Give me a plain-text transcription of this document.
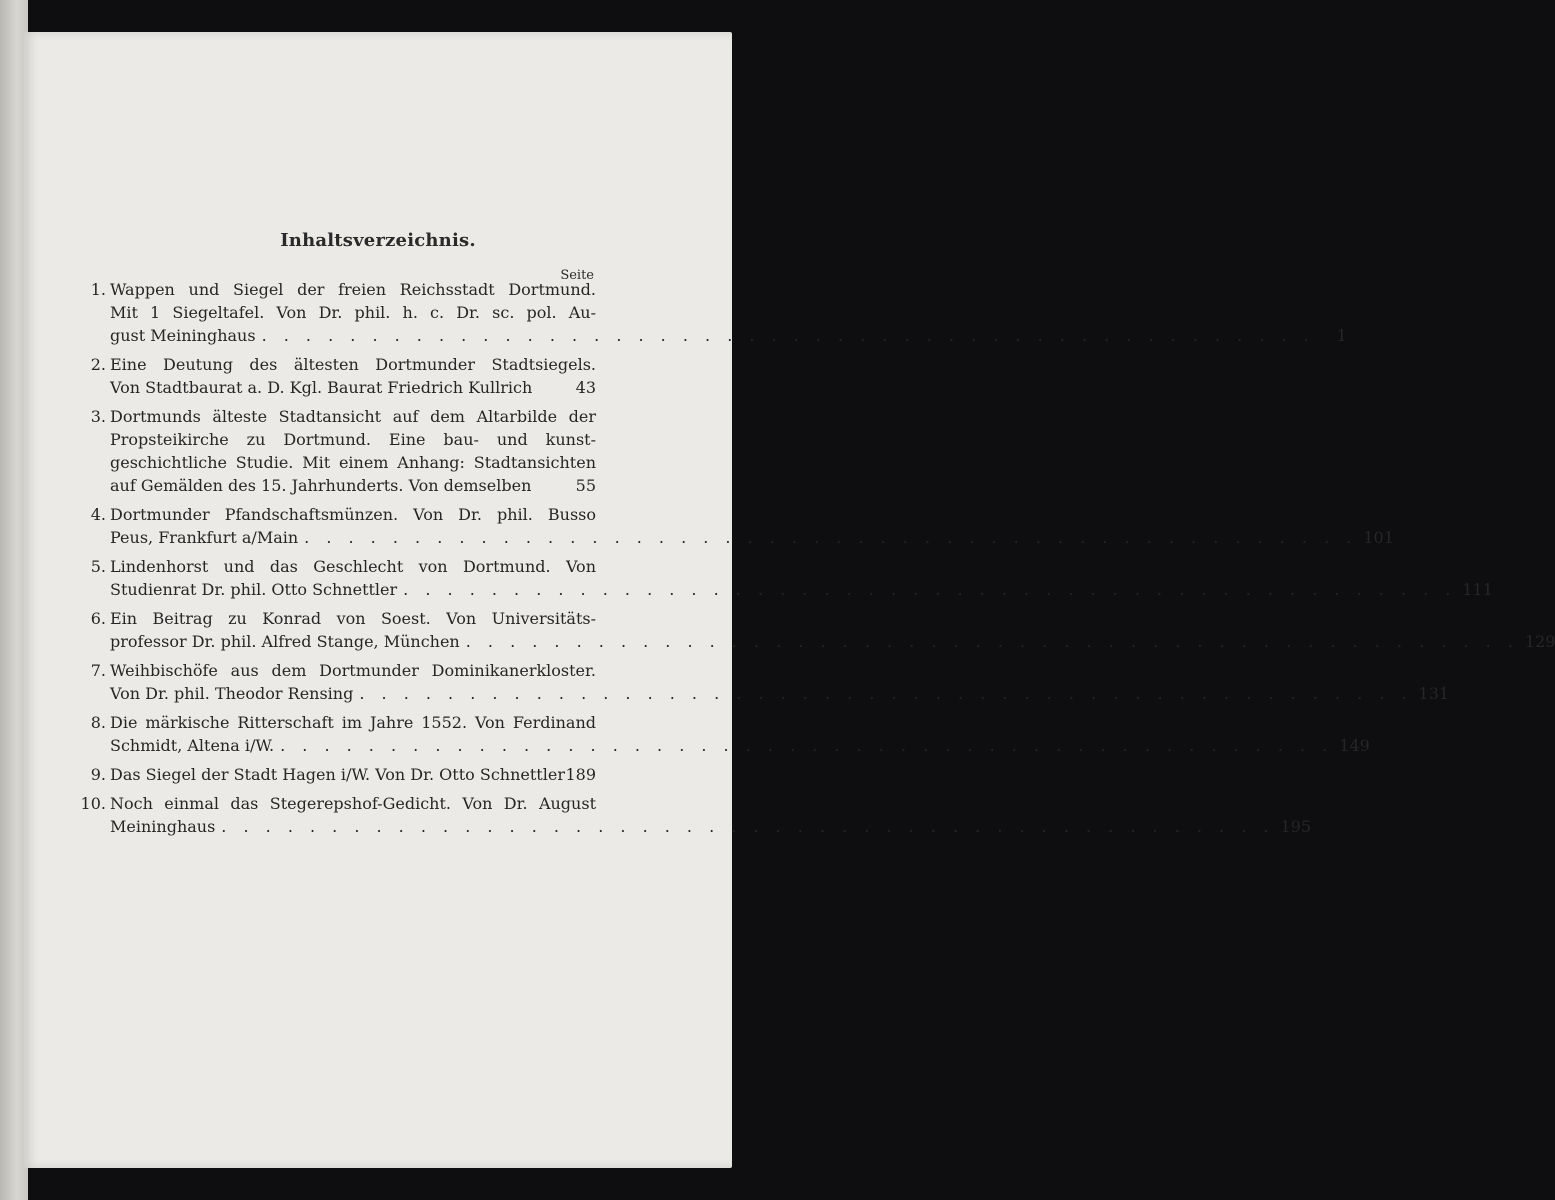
Inhaltsverzeichnis.
Seite
1. Wappen und Siegel der freien Reichsstadt Dortmund.
Mit 1 Siegeltafel. Von Dr. phil. h. c. Dr. sc. pol. Au-
gust Meininghaus . . . . . . . . . . . . . . . . . . . . . . . . . . . . . . . . . . . . . . . . . . . . . . . .	1
2. Eine Deutung des ältesten Dortmunder Stadtsiegels.
Von Stadtbaurat a. D. Kgl. Baurat Friedrich Kullrich	43
3. Dortmunds älteste Stadtansicht auf dem Altarbilde der
Propsteikirche zu Dortmund. Eine bau- und kunst-
geschichtliche Studie. Mit einem Anhang: Stadtansichten
auf Gemälden des 15. Jahrhunderts. Von demselben	55
4. Dortmunder Pfandschaftsmünzen. Von Dr. phil. Busso
Peus, Frankfurt a/Main . . . . . . . . . . . . . . . . . . . . . . . . . . . . . . . . . . . . . . . . . . . . . . . . 101
5. Lindenhorst und das Geschlecht von Dortmund. Von
Studienrat Dr. phil. Otto Schnettler . . . . . . . . . . . . . . . . . . . . . . . . . . . . . . . . . . . . . . . . . . . . . . . . 111
6. Ein Beitrag zu Konrad von Soest. Von Universitäts-
professor Dr. phil. Alfred Stange, München . . . . . . . . . . . . . . . . . . . . . . . . . . . . . . . . . . . . . . . . . . . . . . . . 129
7. Weihbischöfe aus dem Dortmunder Dominikanerkloster.
Von Dr. phil. Theodor Rensing . . . . . . . . . . . . . . . . . . . . . . . . . . . . . . . . . . . . . . . . . . . . . . . . 131
8. Die märkische Ritterschaft im Jahre 1552. Von Ferdinand
Schmidt, Altena i/W. . . . . . . . . . . . . . . . . . . . . . . . . . . . . . . . . . . . . . . . . . . . . . . . . 149
9. Das Siegel der Stadt Hagen i/W. Von Dr. Otto Schnettler 189
10. Noch einmal das Stegerepshof-Gedicht. Von Dr. August
Meininghaus . . . . . . . . . . . . . . . . . . . . . . . . . . . . . . . . . . . . . . . . . . . . . . . . 195
